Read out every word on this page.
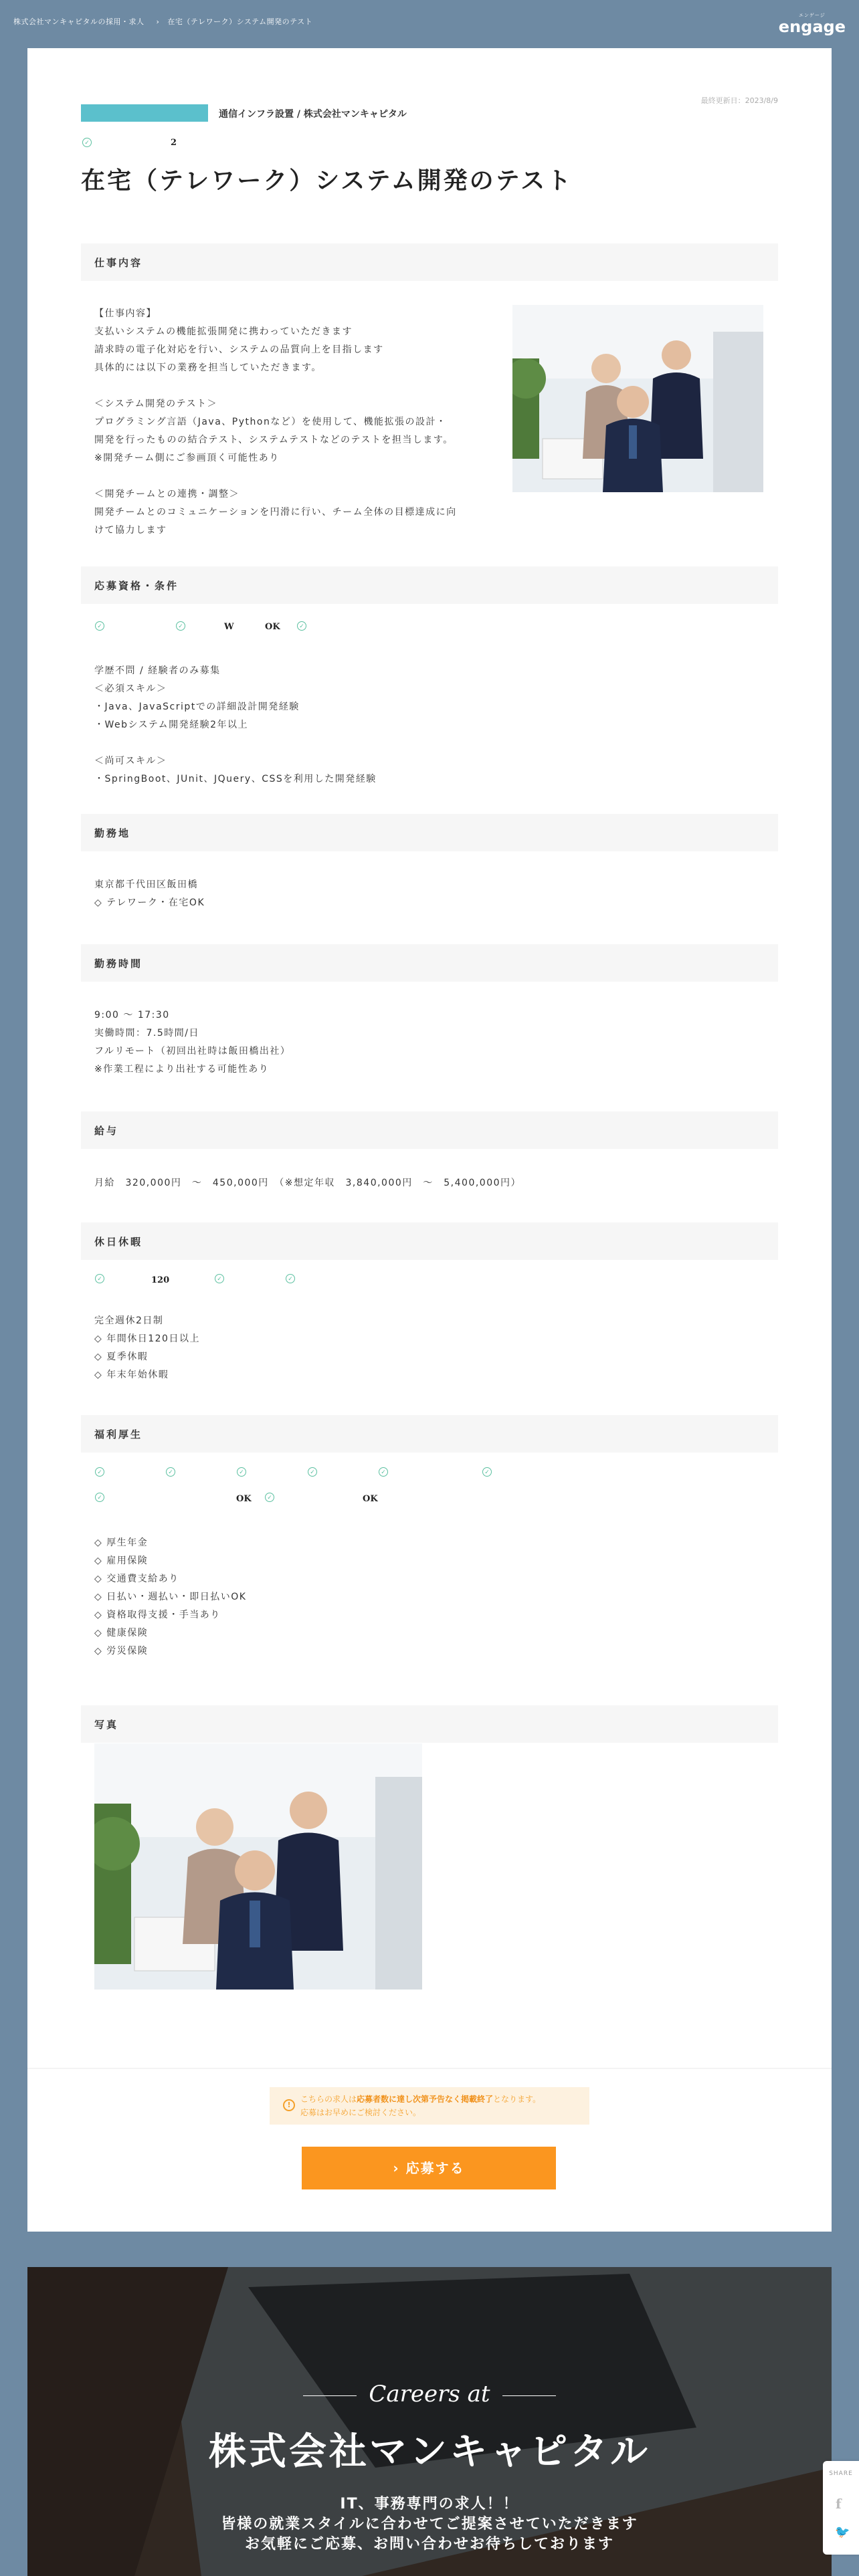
株式会社マンキャピタルの採用・求人 › 在宅（テレワーク）システム開発のテスト
エンゲージ
engage
最終更新日：2023/8/9
通信インフラ設置 / 株式会社マンキャピタル
✓
2
在宅（テレワーク）システム開発のテスト
仕事内容
【仕事内容】
支払いシステムの機能拡張開発に携わっていただきます
請求時の電子化対応を行い、システムの品質向上を目指します
具体的には以下の業務を担当していただきます。

＜システム開発のテスト＞
プログラミング言語（Java、Pythonなど）を使用して、機能拡張の設計・
開発を行ったものの結合テスト、システムテストなどのテストを担当します。
※開発チーム側にご参画頂く可能性あり

＜開発チームとの連携・調整＞
開発チームとのコミュニケーションを円滑に行い、チーム全体の目標達成に向
けて協力します
応募資格・条件
✓
✓
W	OK
✓
学歴不問 / 経験者のみ募集
＜必須スキル＞
・Java、JavaScriptでの詳細設計開発経験
・Webシステム開発経験2年以上

＜尚可スキル＞
・SpringBoot、JUnit、JQuery、CSSを利用した開発経験
勤務地
東京都千代田区飯田橋
◇ テレワーク・在宅OK
勤務時間
9:00 〜 17:30
実働時間：7.5時間/日
フルリモート（初回出社時は飯田橋出社）
※作業工程により出社する可能性あり
給与
月給　320,000円　〜　450,000円　（※想定年収　3,840,000円　〜　5,400,000円）
休日休暇
✓
120
✓
✓
完全週休2日制
◇ 年間休日120日以上
◇ 夏季休暇
◇ 年末年始休暇
福利厚生
✓
✓
✓
✓
✓
✓
✓
OK
✓	OK
◇ 厚生年金
◇ 雇用保険
◇ 交通費支給あり
◇ 日払い・週払い・即日払いOK
◇ 資格取得支援・手当あり
◇ 健康保険
◇ 労災保険
写真
!
こちらの求人は応募者数に達し次第予告なく掲載終了となります。
応募はお早めにご検討ください。
› 応募する
Careers at
株式会社マンキャピタル
IT、事務専門の求人！！
皆様の就業スタイルに合わせてご提案させていただきます
お気軽にご応募、お問い合わせお待ちしております
SHARE
f
🐦
